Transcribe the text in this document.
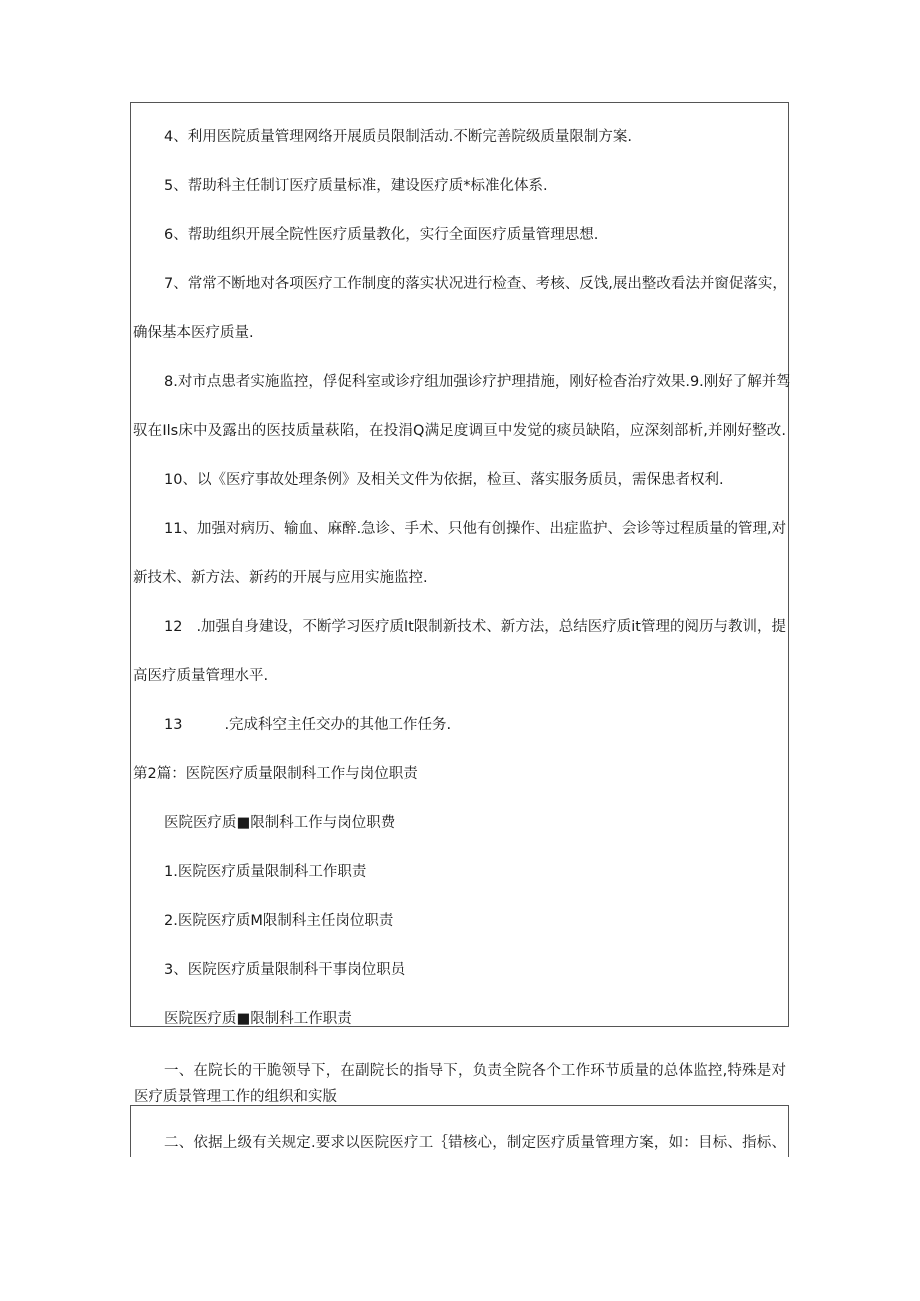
4、利用医院质量管理网络开展质员限制活动.不断完善院级质量限制方案.

5、帮助科主任制订医疗质量标准，建设医疗质*标准化体系.

6、帮助组织开展全院性医疗质量教化，实行全面医疗质量管理思想.

7、常常不断地对各项医疗工作制度的落实状况进行检查、考核、反饯,展出整改看法并窗促落实，

确保基本医疗质量.

8.对市点患者实施监控，俘促科室或诊疗组加强诊疗护理措施，刚好检杳治疗效果.9.刚好了解并驾

驭在Ils床中及露出的医技质量萩陷，在投涓Q满足度调亘中发觉的痰员缺陷，应深刻部析,并刚好整改.

10、以《医疗事故处理条例》及相关文件为依据，检亘、落实服务质员，需保患者权利.

11、加强对病历、输血、麻醉.急诊、手术、只他有创操作、出症监护、会诊等过程质量的管理,对

新技术、新方法、新药的开展与应用实施监控.

12 .加强自身建设，不断学习医疗质lt限制新技术、新方法，总结医疗质it管理的阅历与教训，提

高医疗质量管理水平.

13	.完成科空主任交办的其他工作任务.

第2篇：医院医疗质量限制科工作与岗位职责

医院医疗质■限制科工作与岗位职费

1.医院医疗质量限制科工作职责

2.医院医疗质M限制科主任岗位职责

3、医院医疗质量限制科干事岗位职员

医院医疗质■限制科工作职责

一、在院长的干脆领导下，在副院长的指导下，负责全院各个工作环节质量的总体监控,特殊是对

医疗质景管理工作的组织和实版

二、依据上级有关规定.要求以医院医疗工｛错核心，制定医疗质量管理方案，如：目标、指标、
